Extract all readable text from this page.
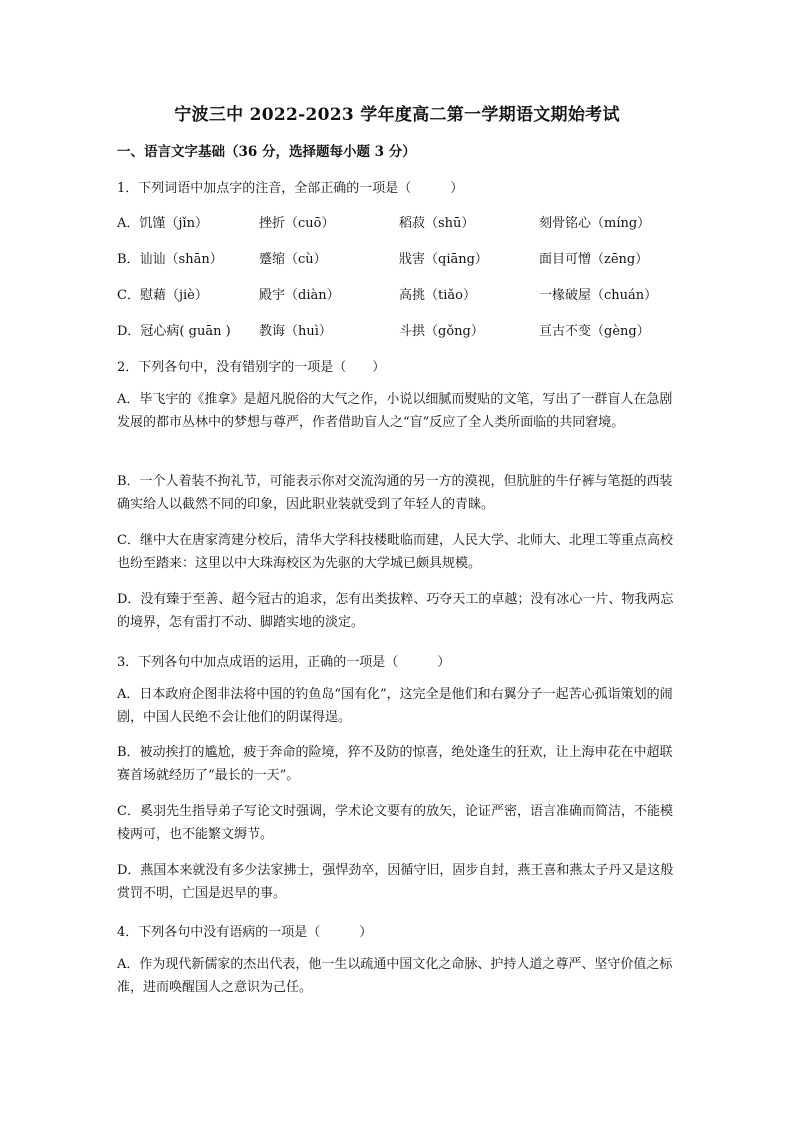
宁波三中 2022-2023 学年度高二第一学期语文期始考试
一、语言文字基础（36 分，选择题每小题 3 分）
1．下列词语中加点字的注音，全部正确的一项是（　　　）
A．饥馑（jǐn）	挫折（cuō）	稻菽（shū）	刻骨铭心（míng）
B．讪讪（shān）	蹙缩（cù）	戕害（qiāng）	面目可憎（zēng）
C．慰藉（jiè）	殿宇（diàn）	高挑（tiǎo）	一椽破屋（chuán）
D．冠心病( guān ) 教诲（huì）	斗拱（gǒng）	亘古不变（gèng）
2．下列各句中，没有错别字的一项是（　　）
A．毕飞宇的《推拿》是超凡脱俗的大气之作，小说以细腻而熨贴的文笔，写出了一群盲人在急剧发展的都市丛林中的梦想与尊严，作者借助盲人之“盲”反应了全人类所面临的共同窘境。
B．一个人着装不拘礼节，可能表示你对交流沟通的另一方的漠视，但肮脏的牛仔裤与笔挺的西装确实给人以截然不同的印象，因此职业装就受到了年轻人的青睐。
C．继中大在唐家湾建分校后，清华大学科技楼毗临而建，人民大学、北师大、北理工等重点高校也纷至踏来：这里以中大珠海校区为先驱的大学城已颇具规模。
D．没有臻于至善、超今冠古的追求，怎有出类拔粹、巧夺天工的卓越；没有冰心一片、物我两忘的境界，怎有雷打不动、脚踏实地的淡定。
3．下列各句中加点成语的运用，正确的一项是（　　　）
A．日本政府企图非法将中国的钓鱼岛“国有化”，这完全是他们和右翼分子一起苦心孤诣策划的闹剧，中国人民绝不会让他们的阴谋得逞。
B．被动挨打的尴尬，疲于奔命的险境，猝不及防的惊喜，绝处逢生的狂欢，让上海申花在中超联赛首场就经历了“最长的一天”。
C．奚羽先生指导弟子写论文时强调，学术论文要有的放矢，论证严密，语言准确而简洁，不能模棱两可，也不能繁文缛节。
D．燕国本来就没有多少法家拂士，强悍劲卒，因循守旧，固步自封，燕王喜和燕太子丹又是这般赏罚不明，亡国是迟早的事。
4．下列各句中没有语病的一项是（　　　）
A．作为现代新儒家的杰出代表，他一生以疏通中国文化之命脉、护持人道之尊严、坚守价值之标准，进而唤醒国人之意识为己任。
